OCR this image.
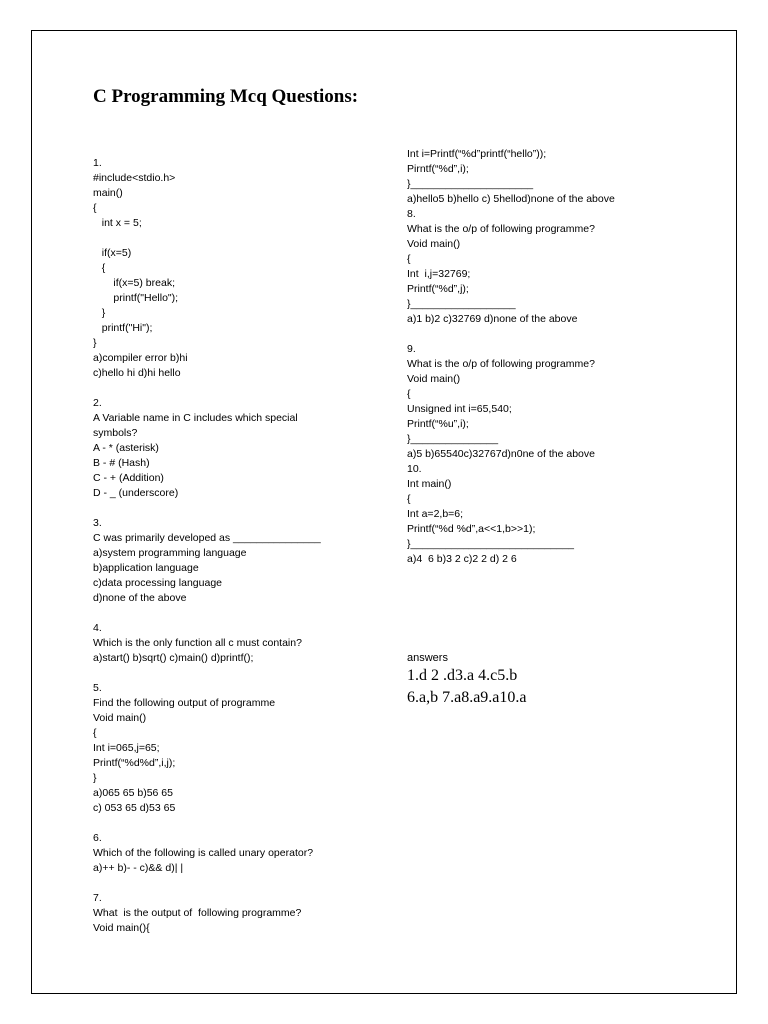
C Programming Mcq Questions:
1.
#include<stdio.h>
main()
{
int x = 5;
if(x=5)
{
if(x=5) break;
printf("Hello");
}
printf("Hi");
}
a)compiler error b)hi
c)hello hi d)hi hello
2.
A Variable name in C includes which special
symbols?
A - * (asterisk)
B - # (Hash)
C - + (Addition)
D - _ (underscore)
3.
C was primarily developed as _______________
a)system programming language
b)application language
c)data processing language
d)none of the above
4.
Which is the only function all c must contain?
a)start() b)sqrt() c)main() d)printf();
5.
Find the following output of programme
Void main()
{
Int i=065,j=65;
Printf(“%d%d”,i,j);
}
a)065 65 b)56 65
c) 053 65 d)53 65
6.
Which of the following is called unary operator?
a)++ b)- - c)&& d)| |
7.
What  is the output of  following programme?
Void main(){
Int i=Printf(“%d”printf(“hello”));
Pirntf(“%d”,i);
}_____________________
a)hello5 b)hello c) 5hellod)none of the above
8.
What is the o/p of following programme?
Void main()
{
Int  i,j=32769;
Printf(“%d”,j);
}__________________
a)1 b)2 c)32769 d)none of the above
9.
What is the o/p of following programme?
Void main()
{
Unsigned int i=65,540;
Printf(“%u”,i);
}_______________
a)5 b)65540c)32767d)n0ne of the above
10.
Int main()
{
Int a=2,b=6;
Printf(“%d %d”,a<<1,b>>1);
}____________________________
a)4  6 b)3 2 c)2 2 d) 2 6
answers
1.d 2 .d3.a 4.c5.b
6.a,b 7.a8.a9.a10.a
